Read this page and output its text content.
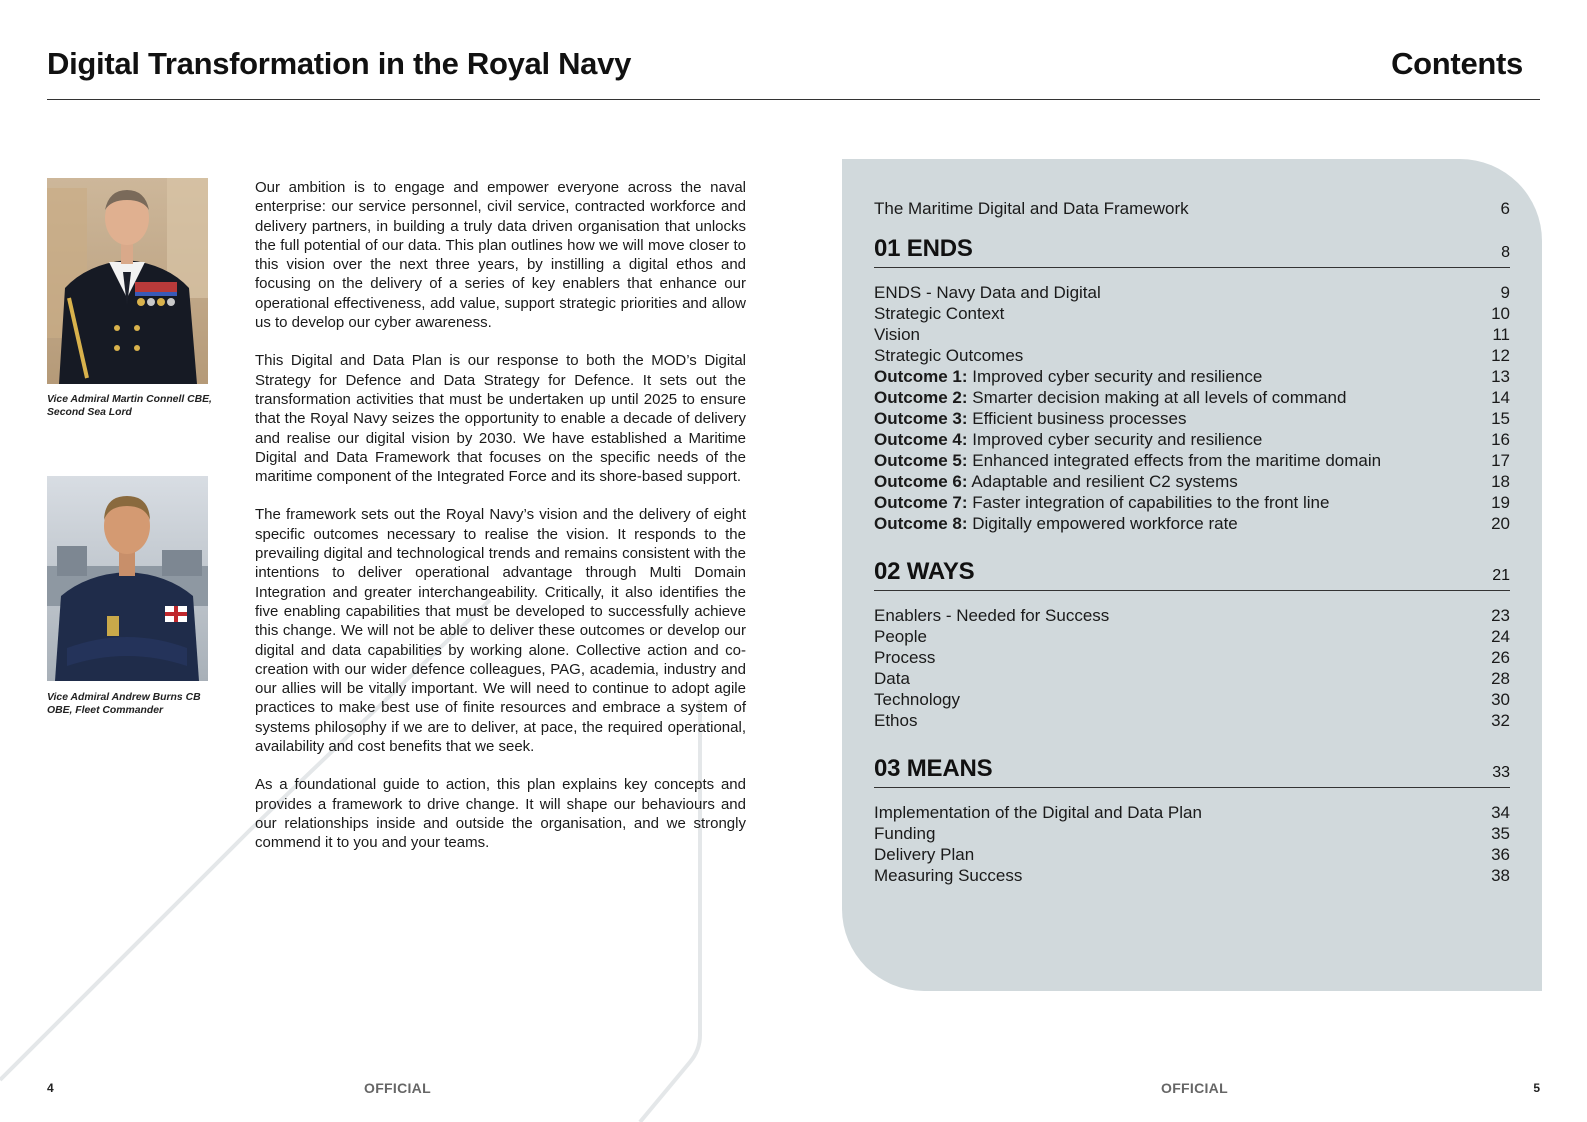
Digital Transformation in the Royal Navy	Contents
Vice Admiral Martin Connell CBE, Second Sea Lord
Vice Admiral Andrew Burns CB OBE, Fleet Commander

Our ambition is to engage and empower everyone across the naval enterprise: our service personnel, civil service, contracted workforce and delivery partners, in building a truly data driven organisation that unlocks the full potential of our data. This plan outlines how we will move closer to this vision over the next three years, by instilling a digital ethos and focusing on the delivery of a series of key enablers that enhance our operational effectiveness, add value, support strategic priorities and allow us to develop our cyber awareness.

This Digital and Data Plan is our response to both the MOD’s Digital Strategy for Defence and Data Strategy for Defence. It sets out the transformation activities that must be undertaken up until 2025 to ensure that the Royal Navy seizes the opportunity to enable a decade of delivery and realise our digital vision by 2030. We have established a Maritime Digital and Data Framework that focuses on the specific needs of the maritime component of the Integrated Force and its shore-based support.

The framework sets out the Royal Navy’s vision and the delivery of eight specific outcomes necessary to realise the vision. It responds to the prevailing digital and technological trends and remains consistent with the intentions to deliver operational advantage through Multi Domain Integration and greater interchangeability. Critically, it also identifies the five enabling capabilities that must be developed to successfully achieve this change. We will not be able to deliver these outcomes or develop our digital and data capabilities by working alone. Collective action and co-creation with our wider defence colleagues, PAG, academia, industry and our allies will be vitally important. We will need to continue to adopt agile practices to make best use of finite resources and embrace a system of systems philosophy if we are to deliver, at pace, the required operational, availability and cost benefits that we seek.

As a foundational guide to action, this plan explains key concepts and provides a framework to drive change. It will shape our behaviours and our relationships inside and outside the organisation, and we strongly commend it to you and your teams.

The Maritime Digital and Data Framework	6
01 ENDS	8
ENDS - Navy Data and Digital	9
Strategic Context	10
Vision	11
Strategic Outcomes	12
Outcome 1: Improved cyber security and resilience	13
Outcome 2: Smarter decision making at all levels of command	14
Outcome 3: Efficient business processes	15
Outcome 4: Improved cyber security and resilience	16
Outcome 5: Enhanced integrated effects from the maritime domain	17
Outcome 6: Adaptable and resilient C2 systems	18
Outcome 7: Faster integration of capabilities to the front line	19
Outcome 8: Digitally empowered workforce rate	20
02 WAYS	21
Enablers - Needed for Success	23
People	24
Process	26
Data	28
Technology	30
Ethos	32
03 MEANS	33
Implementation of the Digital and Data Plan	34
Funding	35
Delivery Plan	36
Measuring Success	38
4	OFFICIAL	OFFICIAL	5
